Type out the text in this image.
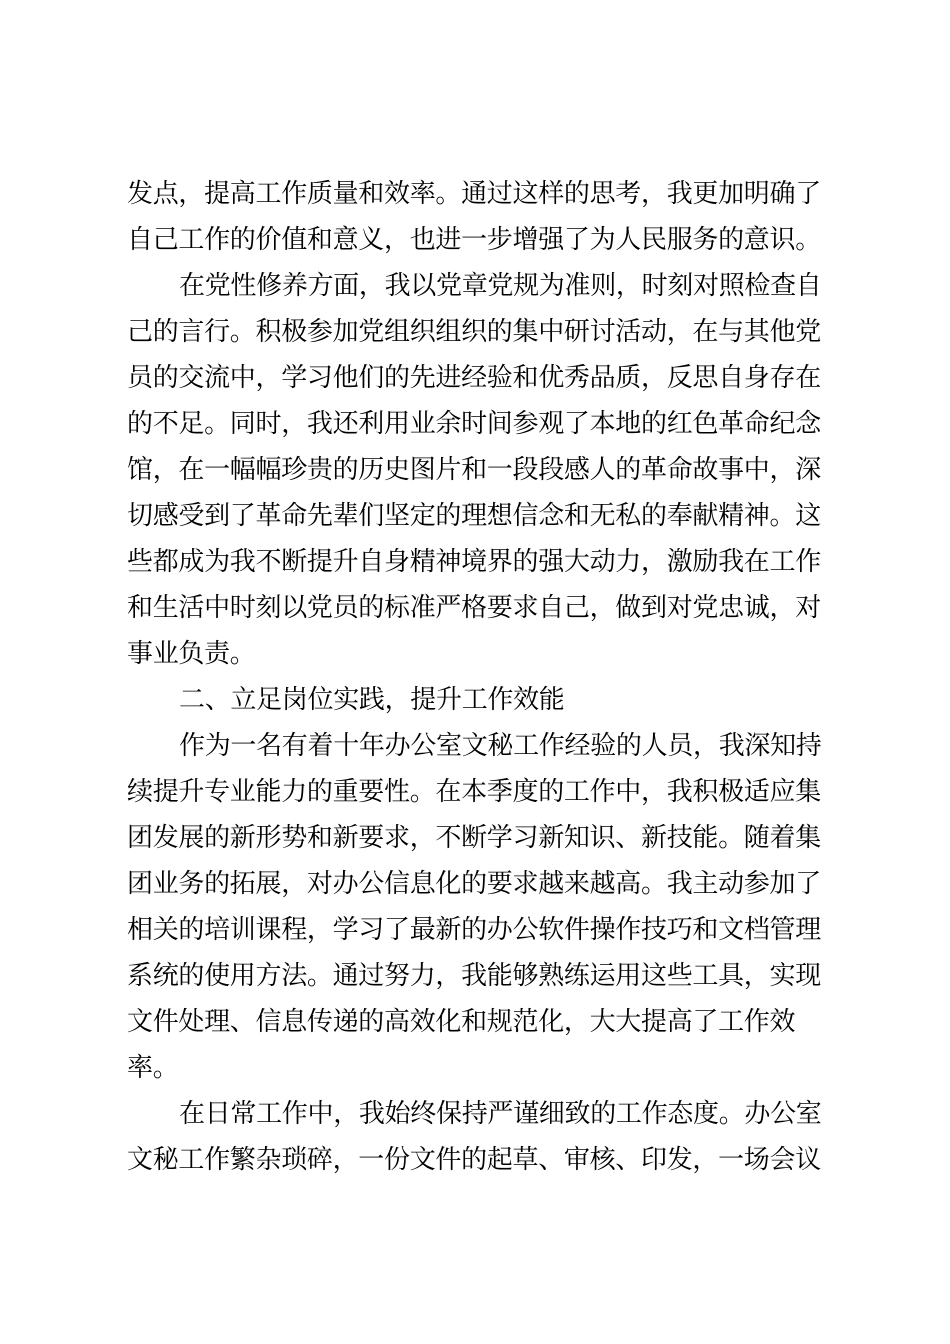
发点，提高工作质量和效率。通过这样的思考，我更加明确了
自己工作的价值和意义，也进一步增强了为人民服务的意识。
在党性修养方面，我以党章党规为准则，时刻对照检查自
己的言行。积极参加党组织组织的集中研讨活动，在与其他党
员的交流中，学习他们的先进经验和优秀品质，反思自身存在
的不足。同时，我还利用业余时间参观了本地的红色革命纪念
馆，在一幅幅珍贵的历史图片和一段段感人的革命故事中，深
切感受到了革命先辈们坚定的理想信念和无私的奉献精神。这
些都成为我不断提升自身精神境界的强大动力，激励我在工作
和生活中时刻以党员的标准严格要求自己，做到对党忠诚，对
事业负责。
二、立足岗位实践，提升工作效能
作为一名有着十年办公室文秘工作经验的人员，我深知持
续提升专业能力的重要性。在本季度的工作中，我积极适应集
团发展的新形势和新要求，不断学习新知识、新技能。随着集
团业务的拓展，对办公信息化的要求越来越高。我主动参加了
相关的培训课程，学习了最新的办公软件操作技巧和文档管理
系统的使用方法。通过努力，我能够熟练运用这些工具，实现
文件处理、信息传递的高效化和规范化，大大提高了工作效
率。
在日常工作中，我始终保持严谨细致的工作态度。办公室
文秘工作繁杂琐碎，一份文件的起草、审核、印发，一场会议
